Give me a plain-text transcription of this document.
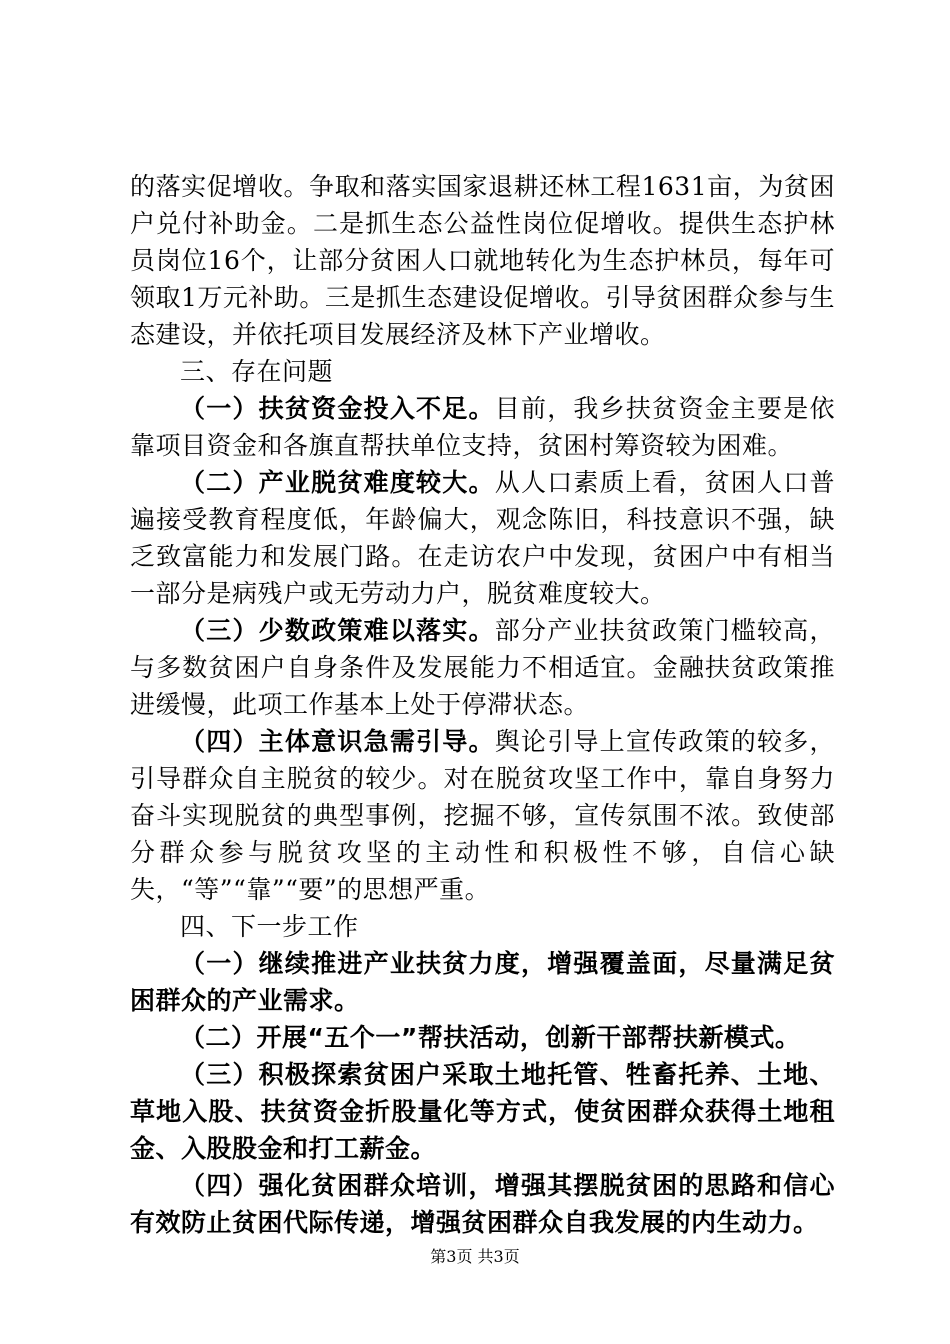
的落实促增收。争取和落实国家退耕还林工程1631亩，为贫困户兑付补助金。二是抓生态公益性岗位促增收。提供生态护林员岗位16个，让部分贫困人口就地转化为生态护林员，每年可领取1万元补助。三是抓生态建设促增收。引导贫困群众参与生态建设，并依托项目发展经济及林下产业增收。

三、存在问题

（一）扶贫资金投入不足。目前，我乡扶贫资金主要是依靠项目资金和各旗直帮扶单位支持，贫困村筹资较为困难。

（二）产业脱贫难度较大。从人口素质上看，贫困人口普遍接受教育程度低，年龄偏大，观念陈旧，科技意识不强，缺乏致富能力和发展门路。在走访农户中发现，贫困户中有相当一部分是病残户或无劳动力户，脱贫难度较大。

（三）少数政策难以落实。部分产业扶贫政策门槛较高，与多数贫困户自身条件及发展能力不相适宜。金融扶贫政策推进缓慢，此项工作基本上处于停滞状态。

（四）主体意识急需引导。舆论引导上宣传政策的较多，引导群众自主脱贫的较少。对在脱贫攻坚工作中，靠自身努力奋斗实现脱贫的典型事例，挖掘不够，宣传氛围不浓。致使部分群众参与脱贫攻坚的主动性和积极性不够，自信心缺失，“等”“靠”“要”的思想严重。

四、下一步工作

（一）继续推进产业扶贫力度，增强覆盖面，尽量满足贫困群众的产业需求。

（二）开展“五个一”帮扶活动，创新干部帮扶新模式。

（三）积极探索贫困户采取土地托管、牲畜托养、土地、草地入股、扶贫资金折股量化等方式，使贫困群众获得土地租金、入股股金和打工薪金。

（四）强化贫困群众培训，增强其摆脱贫困的思路和信心有效防止贫困代际传递，增强贫困群众自我发展的内生动力。

第3页 共3页
